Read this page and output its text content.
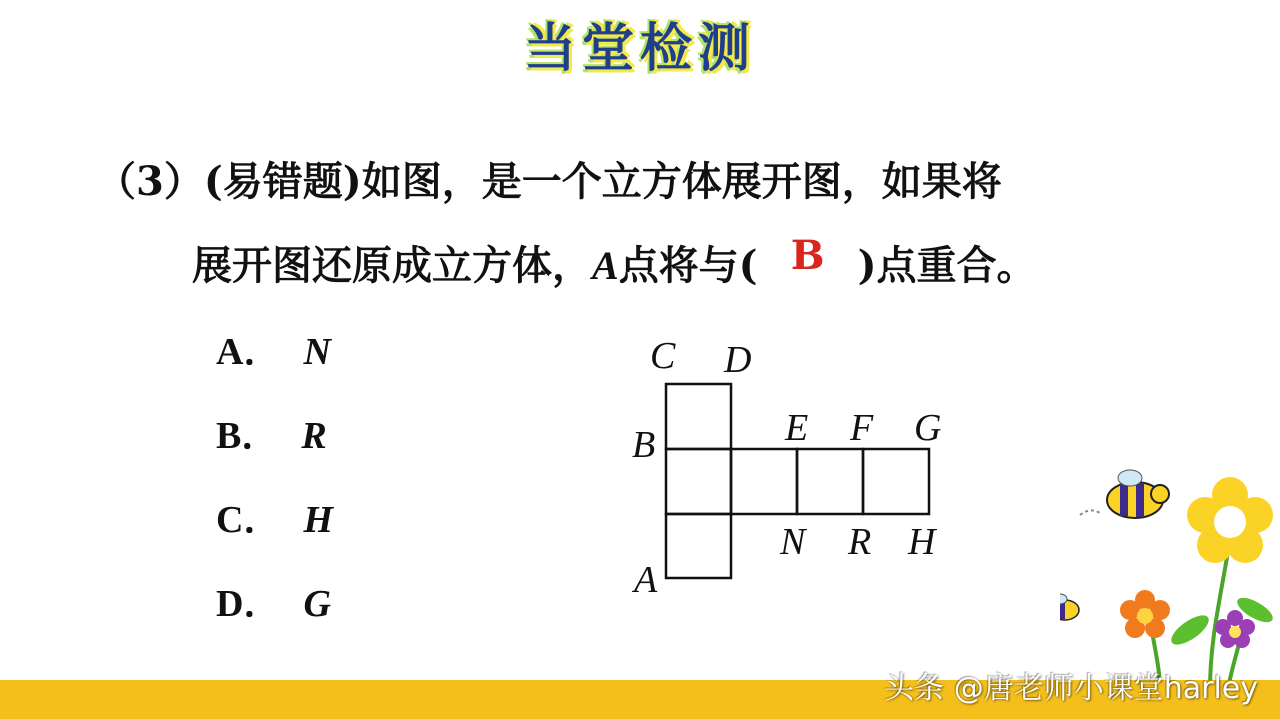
当堂检测
（3）(易错题)如图，是一个立方体展开图，如果将
展开图还原成立方体，A点将与( B )点重合。
A． N
B． R
C． H
D． G
C D
B
A
E F G
N R H
头条 @唐老师小课堂harley
